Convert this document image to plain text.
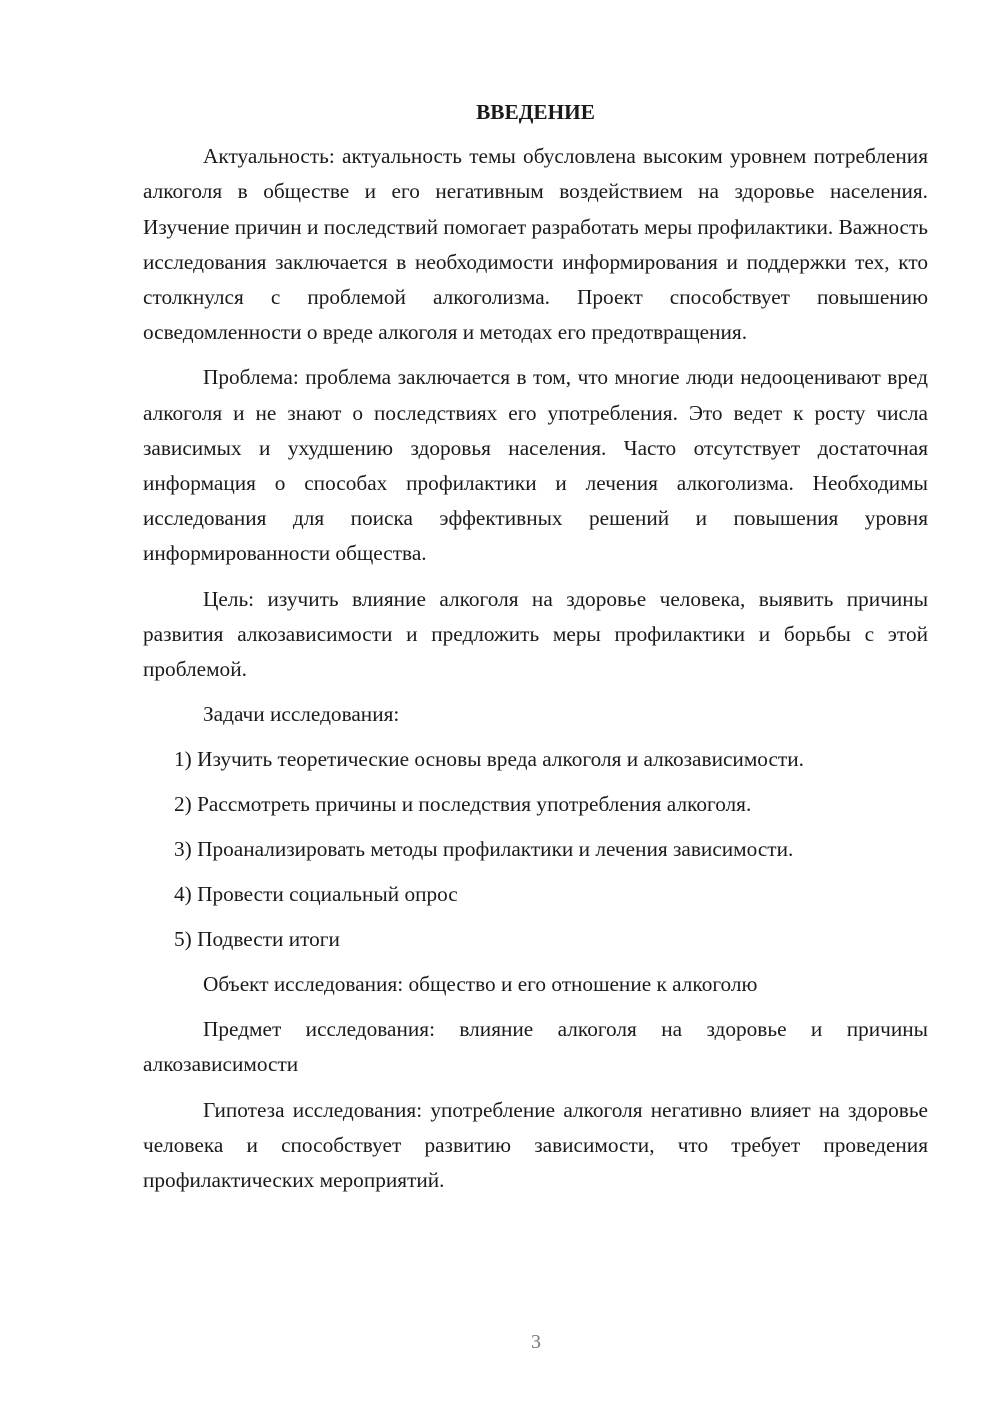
ВВЕДЕНИЕ

Актуальность: актуальность темы обусловлена высоким уровнем потребления алкоголя в обществе и его негативным воздействием на здоровье населения. Изучение причин и последствий помогает разработать меры профилактики. Важность исследования заключается в необходимости информирования и поддержки тех, кто столкнулся с проблемой алкоголизма. Проект способствует повышению осведомленности о вреде алкоголя и методах его предотвращения.

Проблема: проблема заключается в том, что многие люди недооценивают вред алкоголя и не знают о последствиях его употребления. Это ведет к росту числа зависимых и ухудшению здоровья населения. Часто отсутствует достаточная информация о способах профилактики и лечения алкоголизма. Необходимы исследования для поиска эффективных решений и повышения уровня информированности общества.

Цель: изучить влияние алкоголя на здоровье человека, выявить причины развития алкозависимости и предложить меры профилактики и борьбы с этой проблемой.

Задачи исследования:
1) Изучить теоретические основы вреда алкоголя и алкозависимости.
2) Рассмотреть причины и последствия употребления алкоголя.
3) Проанализировать методы профилактики и лечения зависимости.
4) Провести социальный опрос
5) Подвести итоги
Объект исследования: общество и его отношение к алкоголю

Предмет исследования: влияние алкоголя на здоровье и причины алкозависимости

Гипотеза исследования: употребление алкоголя негативно влияет на здоровье человека и способствует развитию зависимости, что требует проведения профилактических мероприятий.

3
